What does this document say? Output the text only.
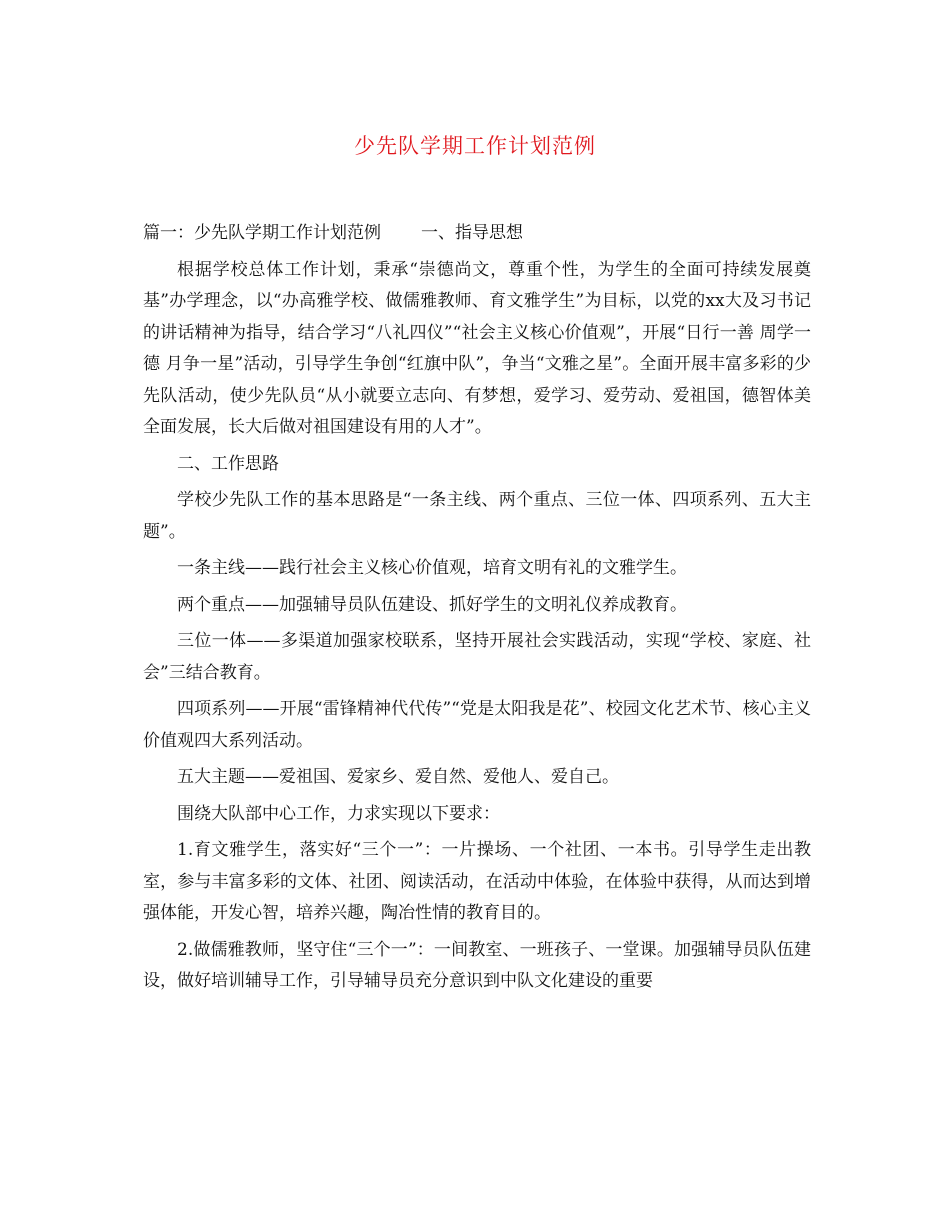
少先队学期工作计划范例

篇一：少先队学期工作计划范例 一、指导思想

根据学校总体工作计划，秉承“崇德尚文，尊重个性，为学生的全面可持续发展奠基”办学理念，以“办高雅学校、做儒雅教师、育文雅学生”为目标，以党的xx大及习书记的讲话精神为指导，结合学习“八礼四仪”“社会主义核心价值观”，开展“日行一善 周学一德 月争一星”活动，引导学生争创“红旗中队”，争当“文雅之星”。全面开展丰富多彩的少先队活动，使少先队员“从小就要立志向、有梦想，爱学习、爱劳动、爱祖国，德智体美全面发展，长大后做对祖国建设有用的人才”。

二、工作思路

学校少先队工作的基本思路是“一条主线、两个重点、三位一体、四项系列、五大主题”。

一条主线——践行社会主义核心价值观，培育文明有礼的文雅学生。

两个重点——加强辅导员队伍建设、抓好学生的文明礼仪养成教育。

三位一体——多渠道加强家校联系，坚持开展社会实践活动，实现“学校、家庭、社会”三结合教育。

四项系列——开展“雷锋精神代代传”“党是太阳我是花”、校园文化艺术节、核心主义价值观四大系列活动。

五大主题——爱祖国、爱家乡、爱自然、爱他人、爱自己。

围绕大队部中心工作，力求实现以下要求：

1.育文雅学生，落实好“三个一”：一片操场、一个社团、一本书。引导学生走出教室，参与丰富多彩的文体、社团、阅读活动，在活动中体验，在体验中获得，从而达到增强体能，开发心智，培养兴趣，陶冶性情的教育目的。

2.做儒雅教师，坚守住“三个一”：一间教室、一班孩子、一堂课。加强辅导员队伍建设，做好培训辅导工作，引导辅导员充分意识到中队文化建设的重要
